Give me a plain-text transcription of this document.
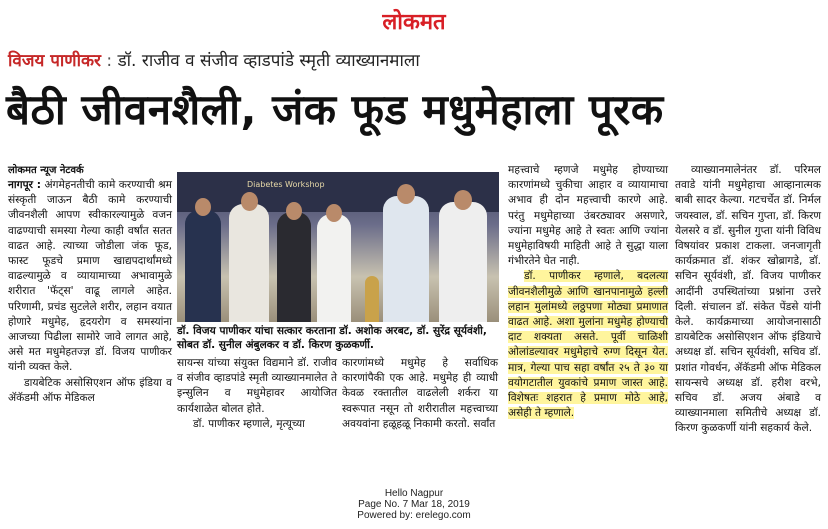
लोकमत
विजय पाणीकर : डॉ. राजीव व संजीव व्हाडपांडे स्मृती व्याख्यानमाला
बैठी जीवनशैली, जंक फूड मधुमेहाला पूरक
लोकमत न्यूज नेटवर्क

नागपूर : अंगमेहनतीची कामे करण्याची श्रम संस्कृती जाऊन बैठी कामे करण्याची जीवनशैली आपण स्वीकारल्यामुळे वजन वाढण्याची समस्या गेल्या काही वर्षांत सतत वाढत आहे. त्याच्या जोडीला जंक फूड, फास्ट फूडचे प्रमाण खाद्यपदार्थांमध्ये वाढल्यामुळे व व्यायामाच्या अभावामुळे शरीरात 'फॅट्स' वाढू लागले आहेत. परिणामी, प्रचंड सुटलेले शरीर, लहान वयात होणारे मधुमेह, हृदयरोग व समस्यांना आजच्या पिढीला सामोरे जावे लागत आहे, असे मत मधुमेहतज्ज्ञ डॉ. विजय पाणीकर यांनी व्यक्त केले.

डायबेटिक असोसिएशन ऑफ इंडिया व ॲकॅडमी ऑफ मेडिकल

Diabetes Workshop
डॉ. विजय पाणीकर यांचा सत्कार करताना डॉ. अशोक अरबट, डॉ. सुरेंद्र सूर्यवंशी, सोबत डॉ. सुनील अंबुलकर व डॉ. किरण कुळकर्णी.

सायन्स यांच्या संयुक्त विद्यमाने डॉ. राजीव व संजीव व्हाडपांडे स्मृती व्याख्यानमालेत ते इन्सुलिन व मधुमेहावर आयोजित कार्यशाळेत बोलत होते.

डॉ. पाणीकर म्हणाले, मृत्यूच्या

कारणांमध्ये मधुमेह हे सर्वाधिक कारणांपैकी एक आहे. मधुमेह ही व्याधी केवळ रक्तातील वाढलेली शर्करा या स्वरूपात नसून तो शरीरातील महत्त्वाच्या अवयवांना हळूहळू निकामी करतो. सर्वांत

महत्त्वाचे म्हणजे मधुमेह होण्याच्या कारणांमध्ये चुकीचा आहार व व्यायामाचा अभाव ही दोन महत्त्वाची कारणे आहे. परंतु मधुमेहाच्या उंबरठ्यावर असणारे, ज्यांना मधुमेह आहे ते स्वतः आणि ज्यांना मधुमेहाविषयी माहिती आहे ते सुद्धा याला गंभीरतेने घेत नाही.

डॉ. पाणीकर म्हणाले, बदलत्या जीवनशैलीमुळे आणि खानपानामुळे हल्ली लहान मुलांमध्ये लठ्ठपणा मोठ्या प्रमाणात वाढत आहे. अशा मुलांना मधुमेह होण्याची दाट शक्यता असते. पूर्वी चाळिशी ओलांडल्यावर मधुमेहाचे रुग्ण दिसून येत. मात्र, गेल्या पाच सहा वर्षांत २५ ते ३० या वयोगटातील युवकांचे प्रमाण जास्त आहे. विशेषतः शहरात हे प्रमाण मोठे आहे, असेही ते म्हणाले.

व्याख्यानमालेनंतर डॉ. परिमल तवाडे यांनी मधुमेहाचा आव्हानात्मक बाबी सादर केल्या. गटचर्चेत डॉ. निर्मल जयस्वाल, डॉ. सचिन गुप्ता, डॉ. किरण येलसरे व डॉ. सुनील गुप्ता यांनी विविध विषयांवर प्रकाश टाकला. जनजागृती कार्यक्रमात डॉ. शंकर खोब्रागडे, डॉ. सचिन सूर्यवंशी, डॉ. विजय पाणीकर आदींनी उपस्थितांच्या प्रश्नांना उत्तरे दिली. संचालन डॉ. संकेत पेंडसे यांनी केले. कार्यक्रमाच्या आयोजनासाठी डायबेटिक असोसिएशन ऑफ इंडियाचे अध्यक्ष डॉ. सचिन सूर्यवंशी, सचिव डॉ. प्रशांत गोवर्धन, ॲकॅडमी ऑफ मेडिकल सायन्सचे अध्यक्ष डॉ. हरीश वरभे, सचिव डॉ. अजय अंबाडे व व्याख्यानमाला समितीचे अध्यक्ष डॉ. किरण कुळकर्णी यांनी सहकार्य केले.

Hello Nagpur
Page No. 7 Mar 18, 2019
Powered by: erelego.com
